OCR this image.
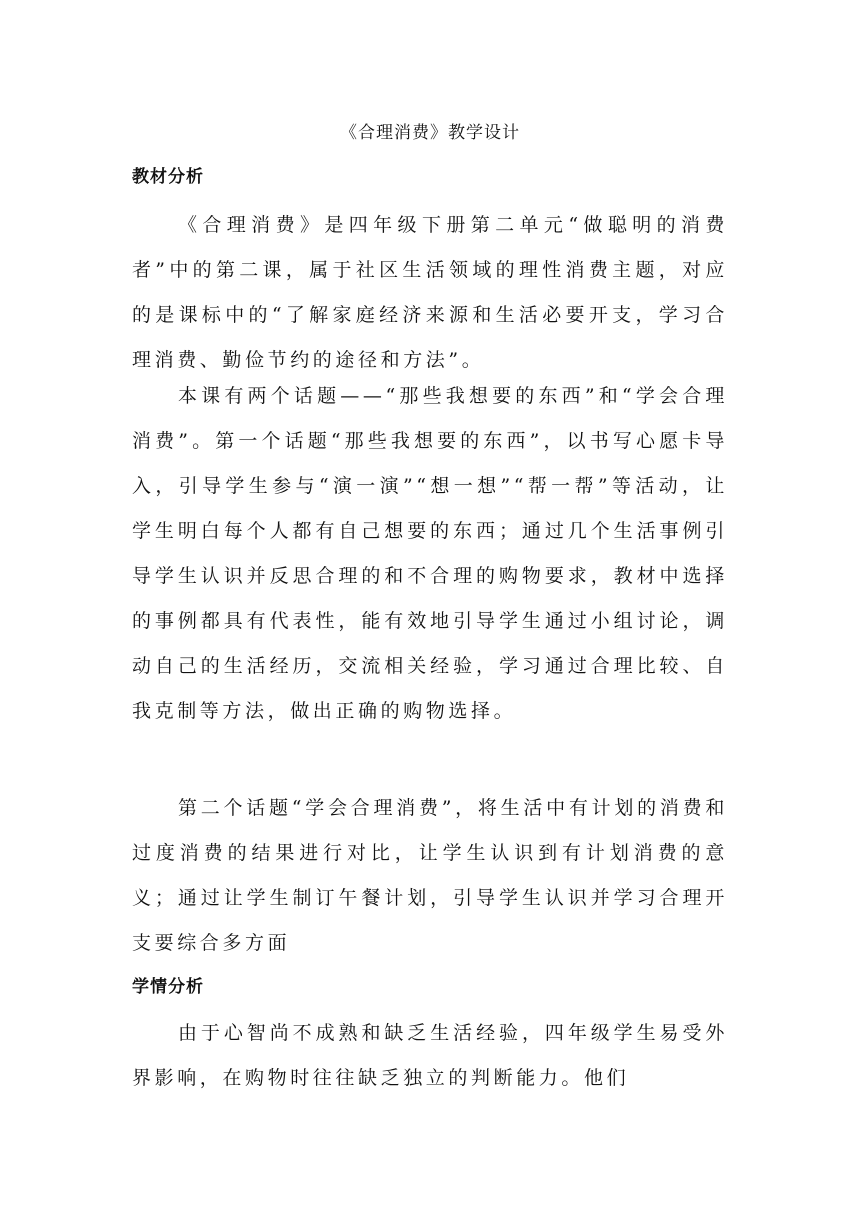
《合理消费》教学设计
教材分析

《合理消费》是四年级下册第二单元“做聪明的消费者”中的第二课，属于社区生活领域的理性消费主题，对应的是课标中的“了解家庭经济来源和生活必要开支，学习合理消费、勤俭节约的途径和方法”。

本课有两个话题——“那些我想要的东西”和“学会合理消费”。第一个话题“那些我想要的东西”，以书写心愿卡导入，引导学生参与“演一演”“想一想”“帮一帮”等活动，让学生明白每个人都有自己想要的东西；通过几个生活事例引导学生认识并反思合理的和不合理的购物要求，教材中选择的事例都具有代表性，能有效地引导学生通过小组讨论，调动自己的生活经历，交流相关经验，学习通过合理比较、自我克制等方法，做出正确的购物选择。

第二个话题“学会合理消费”，将生活中有计划的消费和过度消费的结果进行对比，让学生认识到有计划消费的意义；通过让学生制订午餐计划，引导学生认识并学习合理开支要综合多方面

学情分析

由于心智尚不成熟和缺乏生活经验，四年级学生易受外界影响，在购物时往往缺乏独立的判断能力。他们
